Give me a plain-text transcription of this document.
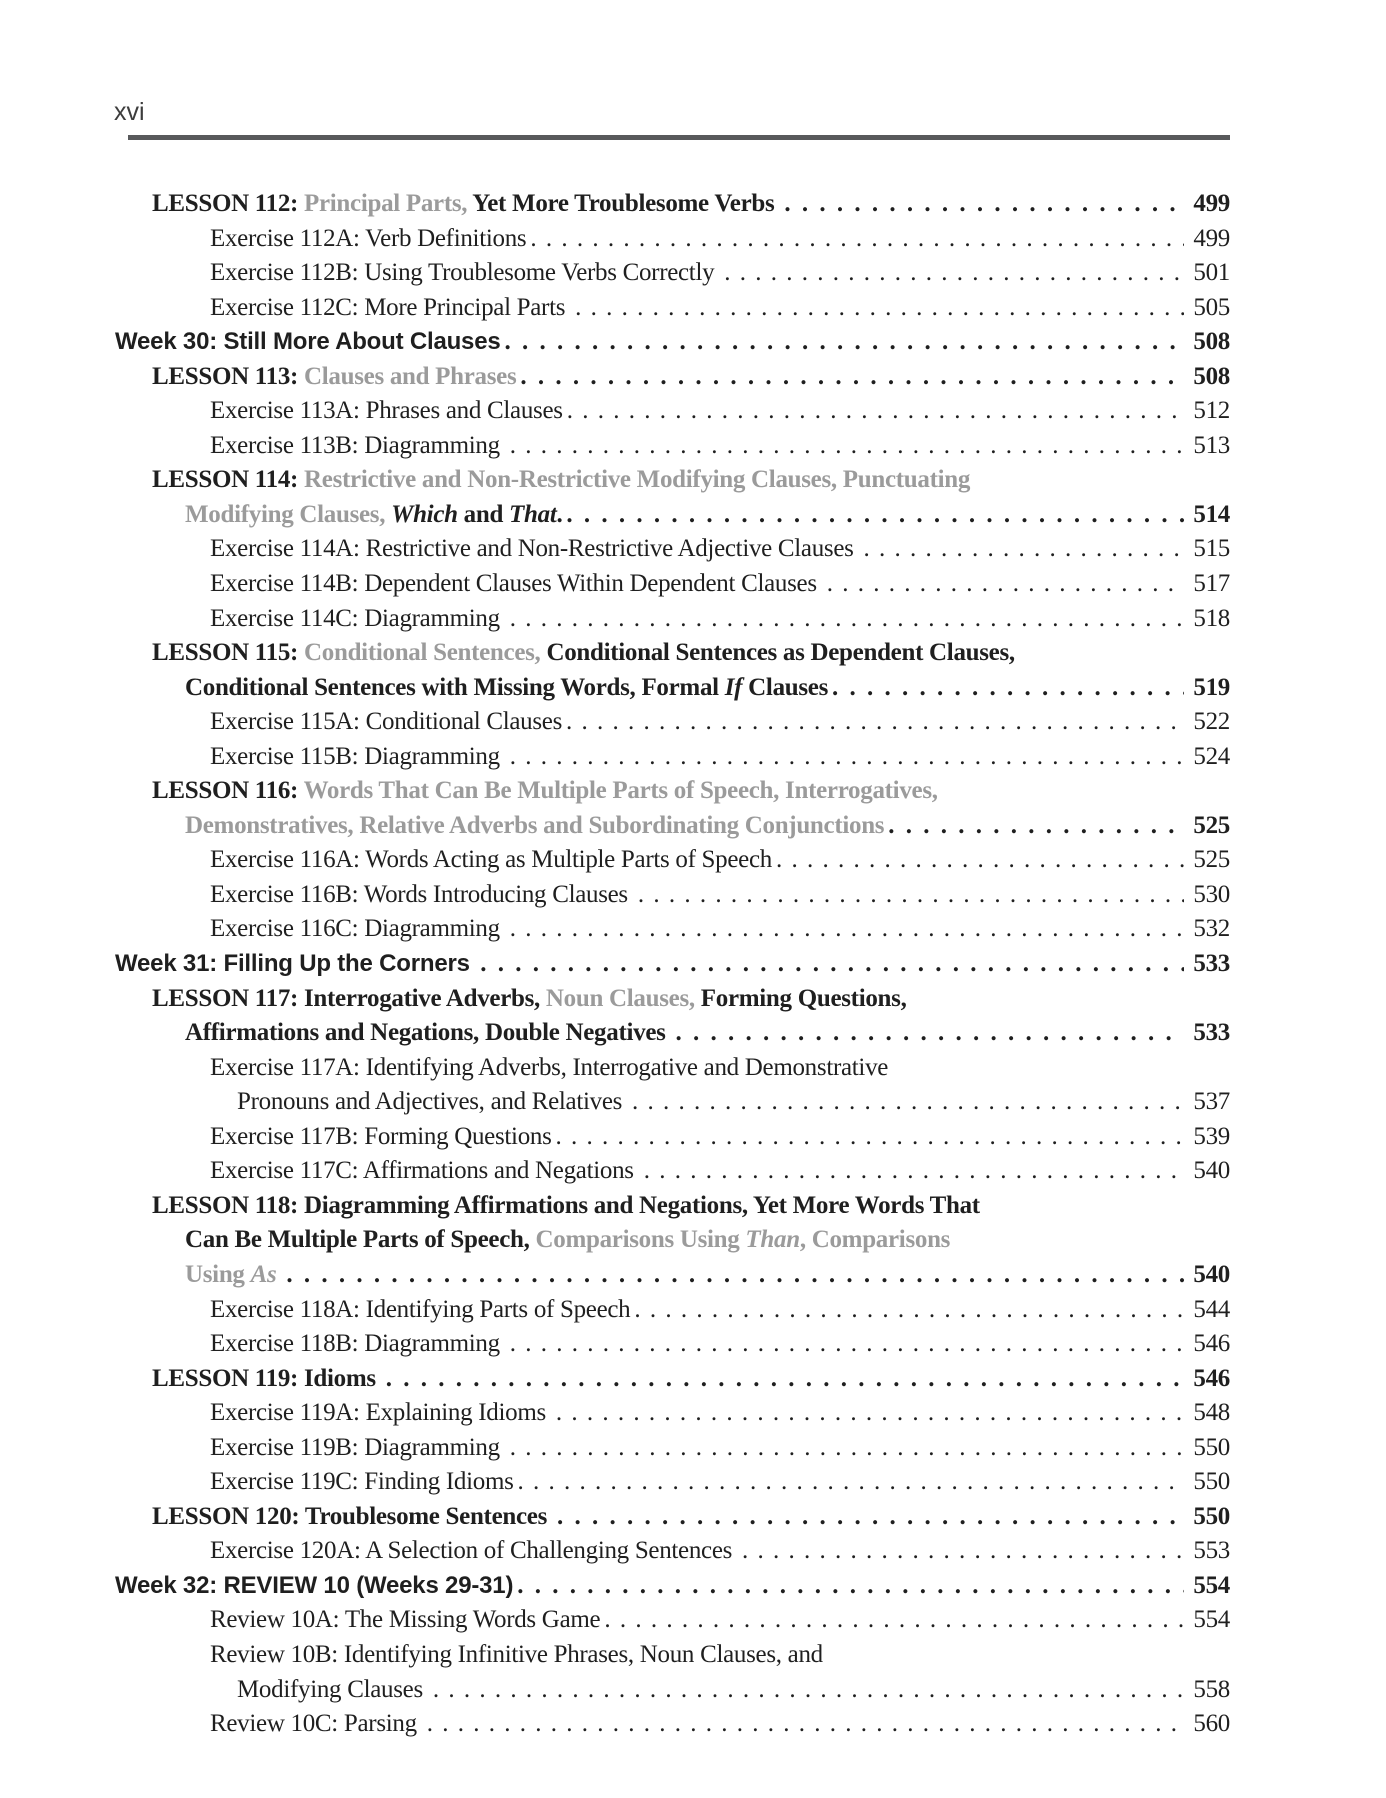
xvi
LESSON 112: Principal Parts, Yet More Troublesome Verbs . . .	499
Exercise 112A: Verb Definitions . . .	499
Exercise 112B: Using Troublesome Verbs Correctly . . .	501
Exercise 112C: More Principal Parts . . .	505
Week 30: Still More About Clauses . . .	508
LESSON 113: Clauses and Phrases . . .	508
Exercise 113A: Phrases and Clauses . . .	512
Exercise 113B: Diagramming . . .	513
LESSON 114: Restrictive and Non-Restrictive Modifying Clauses, Punctuating
Modifying Clauses, Which and That. . . .	514
Exercise 114A: Restrictive and Non-Restrictive Adjective Clauses . . .	515
Exercise 114B: Dependent Clauses Within Dependent Clauses . . .	517
Exercise 114C: Diagramming . . .	518
LESSON 115: Conditional Sentences, Conditional Sentences as Dependent Clauses,
Conditional Sentences with Missing Words, Formal If Clauses . . .	519
Exercise 115A: Conditional Clauses . . .	522
Exercise 115B: Diagramming . . .	524
LESSON 116: Words That Can Be Multiple Parts of Speech, Interrogatives,
Demonstratives, Relative Adverbs and Subordinating Conjunctions . . .	525
Exercise 116A: Words Acting as Multiple Parts of Speech . . .	525
Exercise 116B: Words Introducing Clauses . . .	530
Exercise 116C: Diagramming . . .	532
Week 31: Filling Up the Corners . . .	533
LESSON 117: Interrogative Adverbs, Noun Clauses, Forming Questions,
Affirmations and Negations, Double Negatives . . .	533
Exercise 117A: Identifying Adverbs, Interrogative and Demonstrative
Pronouns and Adjectives, and Relatives . . .	537
Exercise 117B: Forming Questions . . .	539
Exercise 117C: Affirmations and Negations . . .	540
LESSON 118: Diagramming Affirmations and Negations, Yet More Words That
Can Be Multiple Parts of Speech, Comparisons Using Than, Comparisons
Using As . . .	540
Exercise 118A: Identifying Parts of Speech . . .	544
Exercise 118B: Diagramming . . .	546
LESSON 119: Idioms . . .	546
Exercise 119A: Explaining Idioms . . .	548
Exercise 119B: Diagramming . . .	550
Exercise 119C: Finding Idioms . . .	550
LESSON 120: Troublesome Sentences . . .	550
Exercise 120A: A Selection of Challenging Sentences . . .	553
Week 32: REVIEW 10 (Weeks 29-31) . . .	554
Review 10A: The Missing Words Game . . .	554
Review 10B: Identifying Infinitive Phrases, Noun Clauses, and
Modifying Clauses . . .	558
Review 10C: Parsing . . .	560
